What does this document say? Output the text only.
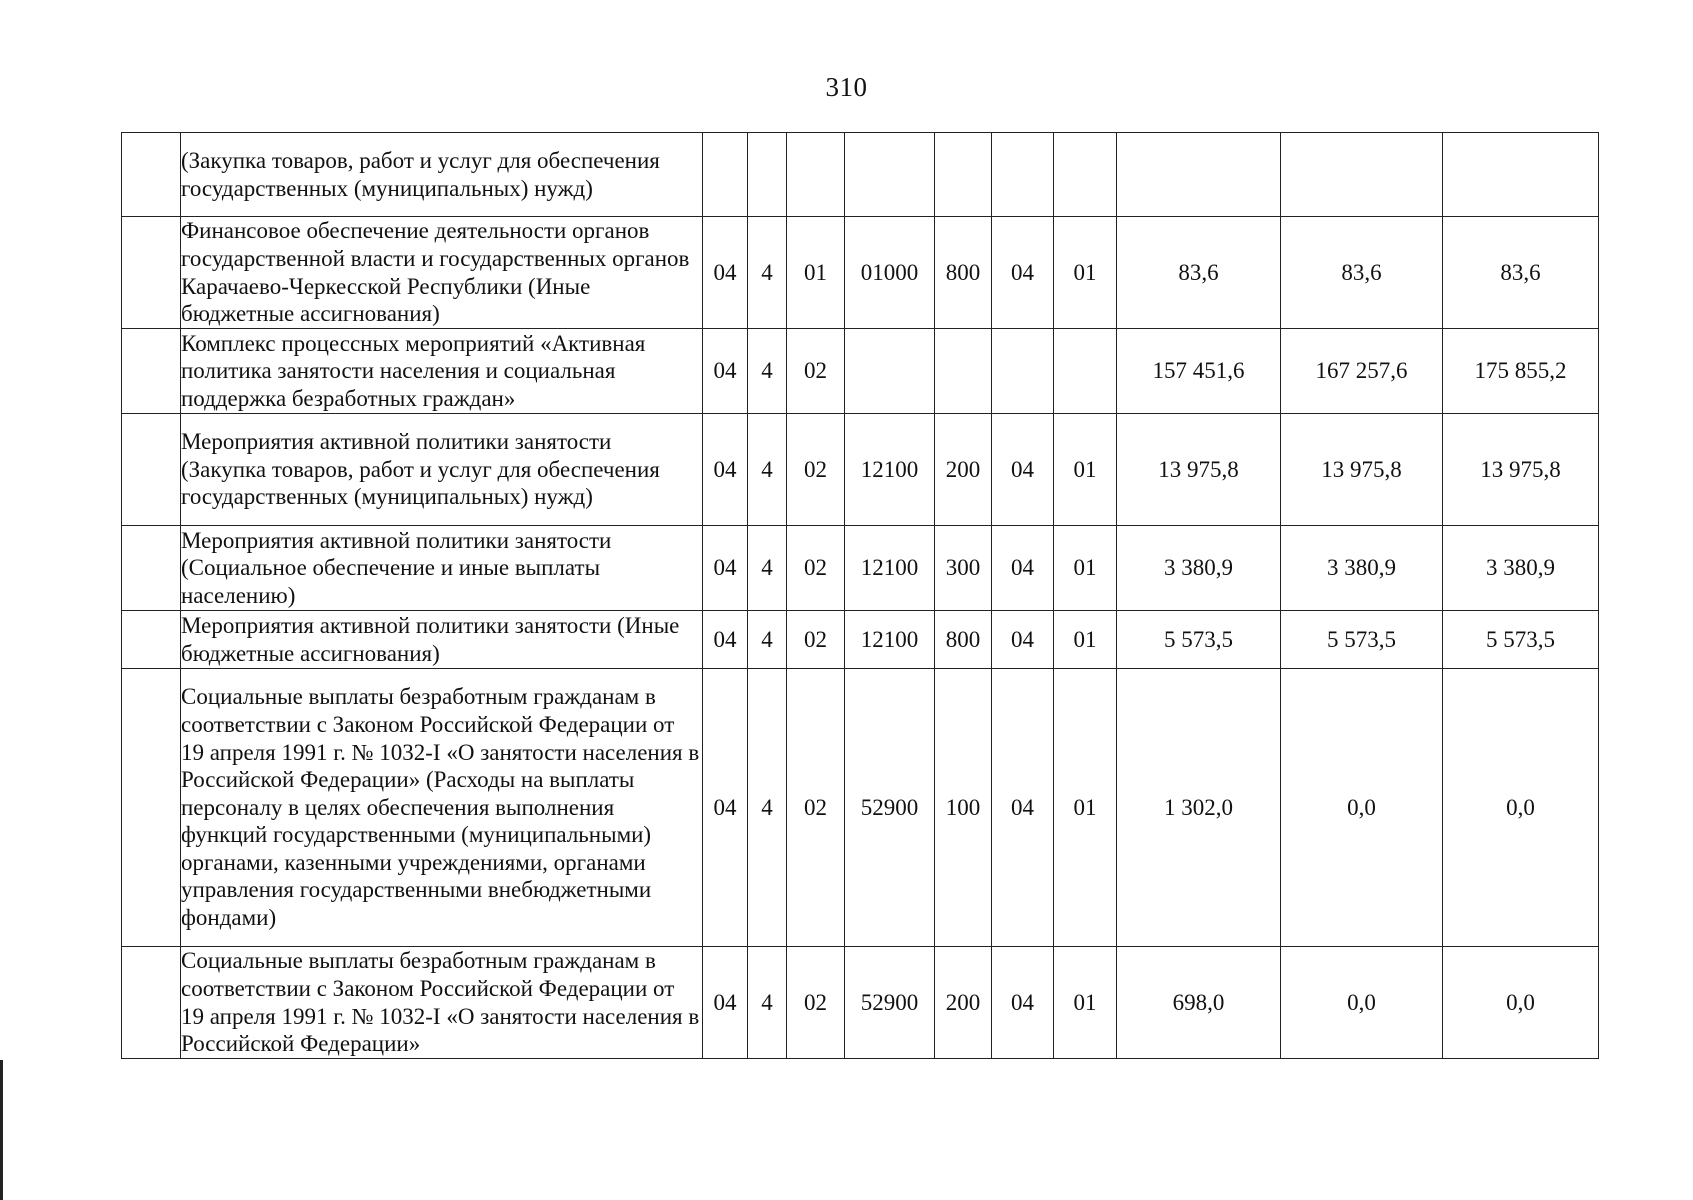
310
	(Закупка товаров, работ и услуг для обеспечения государственных (муниципальных) нужд)										
	Финансовое обеспечение деятельности органов государственной власти и государственных органов Карачаево-Черкесской Республики (Иные бюджетные ассигнования)	04	4	01	01000	800	04	01	83,6	83,6	83,6
	Комплекс процессных мероприятий «Активная политика занятости населения и социальная поддержка безработных граждан»	04	4	02					157 451,6	167 257,6	175 855,2
	Мероприятия активной политики занятости (Закупка товаров, работ и услуг для обеспечения государственных (муниципальных) нужд)	04	4	02	12100	200	04	01	13 975,8	13 975,8	13 975,8
	Мероприятия активной политики занятости (Социальное обеспечение и иные выплаты населению)	04	4	02	12100	300	04	01	3 380,9	3 380,9	3 380,9
	Мероприятия активной политики занятости (Иные бюджетные ассигнования)	04	4	02	12100	800	04	01	5 573,5	5 573,5	5 573,5
	Социальные выплаты безработным гражданам в соответствии с Законом Российской Федерации от 19 апреля 1991 г. № 1032-I «О занятости населения в Российской Федерации» (Расходы на выплаты персоналу в целях обеспечения выполнения функций государственными (муниципальными) органами, казенными учреждениями, органами управления государственными внебюджетными фондами)	04	4	02	52900	100	04	01	1 302,0	0,0	0,0
	Социальные выплаты безработным гражданам в соответствии с Законом Российской Федерации от 19 апреля 1991 г. № 1032-I «О занятости населения в Российской Федерации»	04	4	02	52900	200	04	01	698,0	0,0	0,0
